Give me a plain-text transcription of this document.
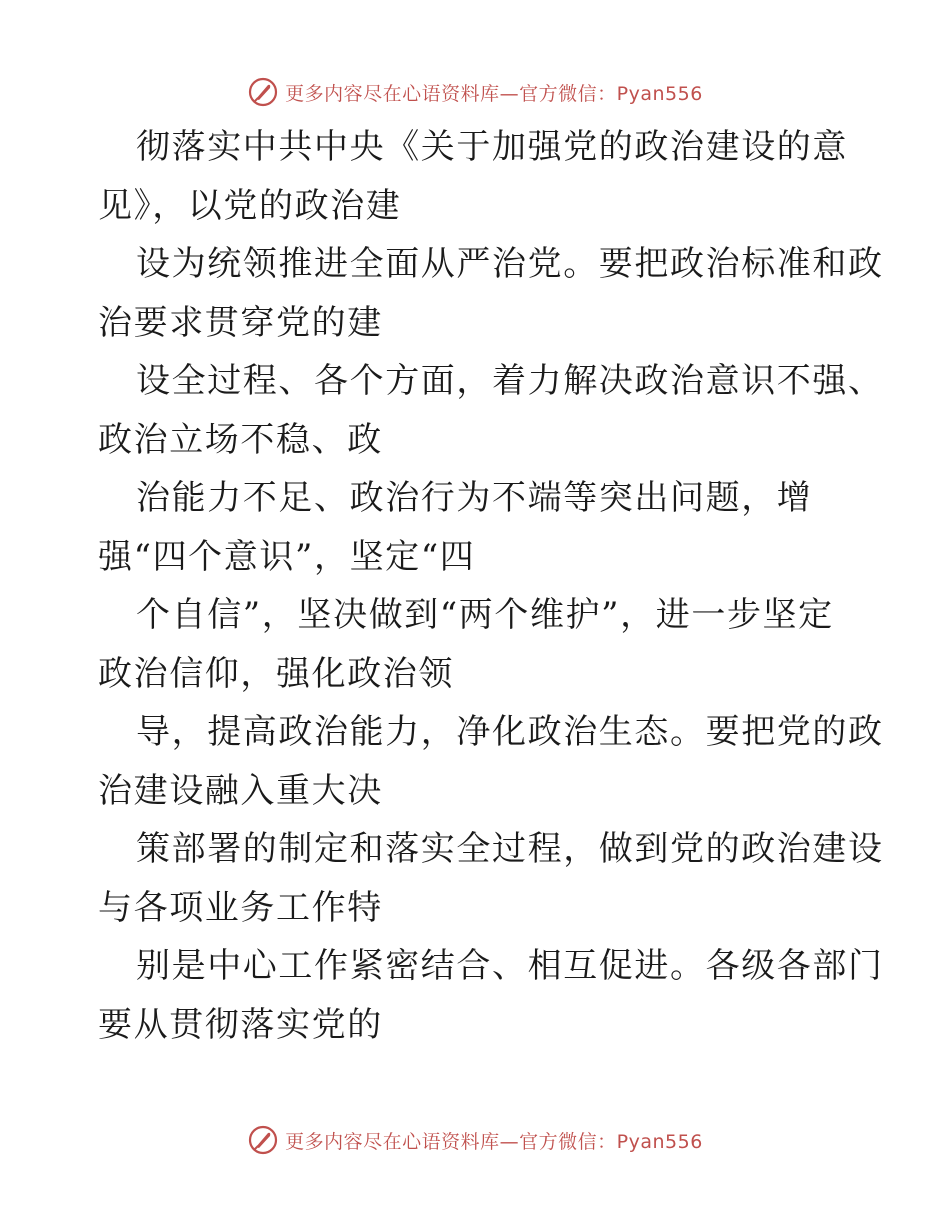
更多内容尽在心语资料库—官方微信：Pyan556
彻落实中共中央《关于加强党的政治建设的意
见》，以党的政治建
设为统领推进全面从严治党。要把政治标准和政
治要求贯穿党的建
设全过程、各个方面，着力解决政治意识不强、
政治立场不稳、政
治能力不足、政治行为不端等突出问题，增
强“四个意识”，坚定“四
个自信”，坚决做到“两个维护”，进一步坚定
政治信仰，强化政治领
导，提高政治能力，净化政治生态。要把党的政
治建设融入重大决
策部署的制定和落实全过程，做到党的政治建设
与各项业务工作特
别是中心工作紧密结合、相互促进。各级各部门
要从贯彻落实党的
更多内容尽在心语资料库—官方微信：Pyan556
